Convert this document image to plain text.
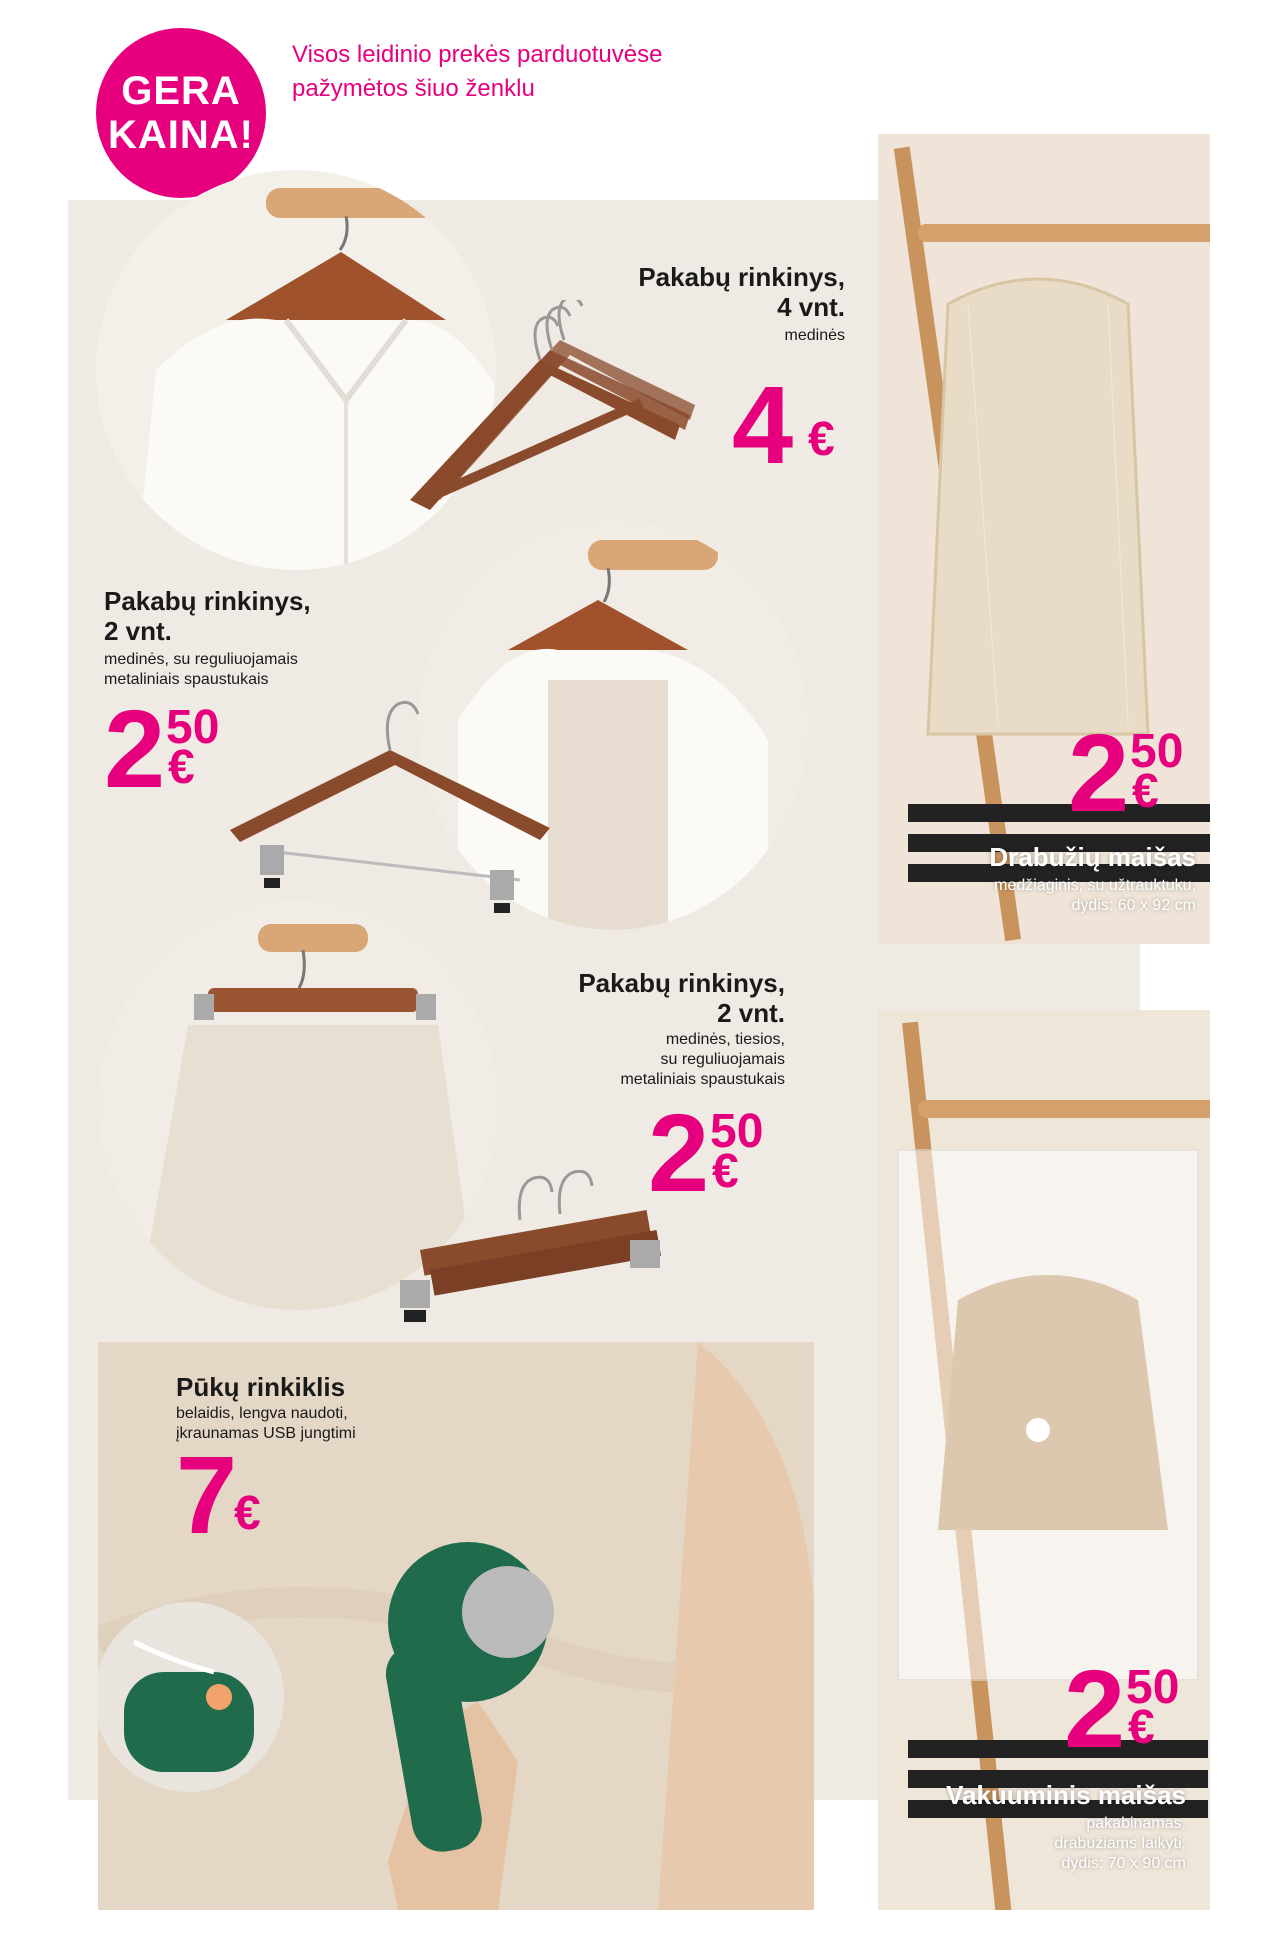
GERA
KAINA!
Visos leidinio prekės parduotuvėse
pažymėtos šiuo ženklu
Pakabų rinkinys,
4 vnt.
medinės
4 €
2 50
€
Drabužių maišas
medžiaginis, su užtrauktuku,
dydis: 60 x 92 cm
Pakabų rinkinys,
2 vnt.
medinės, su reguliuojamais
metaliniais spaustukais
2 50
€
Pakabų rinkinys,
2 vnt.
medinės, tiesios,
su reguliuojamais
metaliniais spaustukais
2 50
€
2 50
€
Vakuuminis maišas
pakabinamas,
drabužiams laikyti,
dydis: 70 x 90 cm
Pūkų rinkiklis
belaidis, lengva naudoti,
įkraunamas USB jungtimi
7 €
